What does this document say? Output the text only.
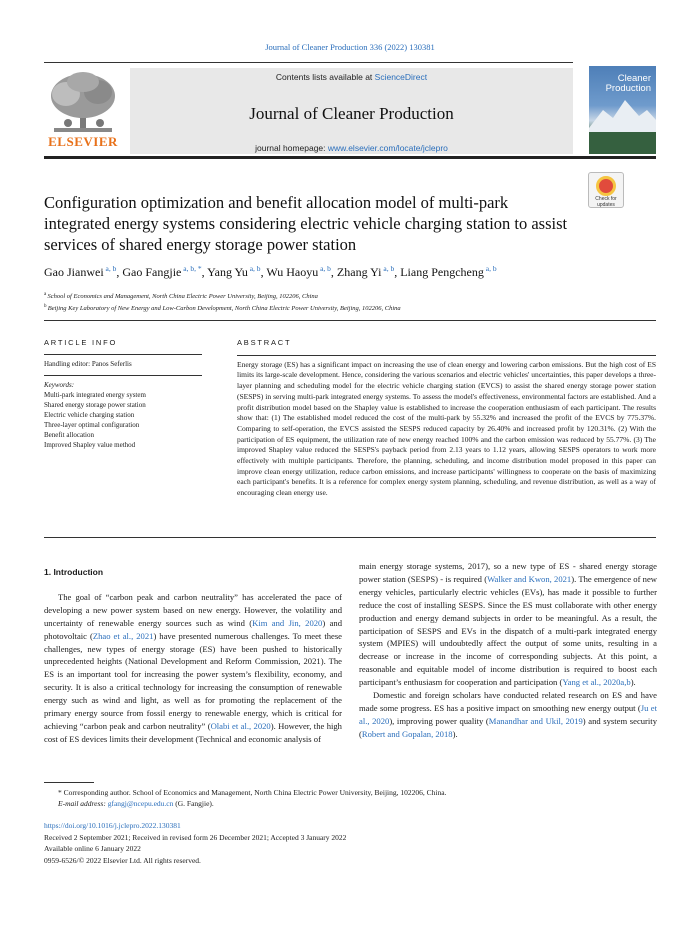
Journal of Cleaner Production 336 (2022) 130381
ELSEVIER
Contents lists available at ScienceDirect
Journal of Cleaner Production
journal homepage: www.elsevier.com/locate/jclepro
Cleaner
Production
Check for
updates
Configuration optimization and benefit allocation model of multi-park integrated energy systems considering electric vehicle charging station to assist services of shared energy storage power station
Gao Jianwei $^{a, b}$, Gao Fangjie $^{a, b, *}$, Yang Yu $^{a, b}$, Wu Haoyu $^{a, b}$, Zhang Yi $^{a, b}$, Liang Pengcheng $^{a, b}$
$^a$ School of Economics and Management, North China Electric Power University, Beijing, 102206, China
$^b$ Beijing Key Laboratory of New Energy and Low-Carbon Development, North China Electric Power University, Beijing, 102206, China
ARTICLE INFO
Handling editor: Panos Seferlis
Keywords:
Multi-park integrated energy system
Shared energy storage power station
Electric vehicle charging station
Three-layer optimal configuration
Benefit allocation
Improved Shapley value method
ABSTRACT
Energy storage (ES) has a significant impact on increasing the use of clean energy and lowering carbon emissions. But the high cost of ES limits its large-scale development. Hence, considering the various scenarios and electric vehicles' uncertainties, this paper develops a three-layer planning and scheduling model for the electric vehicle charging station (EVCS) to assist the shared energy storage power station (SESPS) in serving multi-park integrated energy systems. To assess the model's effectiveness, environmental factors are established. And a profit distribution model based on the Shapley value is established to increase the cooperation enthusiasm of each participant. The results show that: (1) The established model reduced the cost of the multi-park by 55.32% and increased the profit of the EVCS by 775.37%. Comparing to self-operation, the EVCS assisted the SESPS reduced capacity by 26.40% and increased profit by 120.31%. (2) With the participation of ES equipment, the utilization rate of new energy reached 100% and the carbon emission was reduced by 55.77%. (3) The improved Shapley value reduced the SESPS's payback period from 2.13 years to 1.12 years, allowing SESPS operators to work more effectively with multiple participants. Therefore, the planning, scheduling, and income distribution model proposed in this paper can improve clean energy utilization, reduce carbon emissions, and increase participants' willingness to cooperate on the basis of maximizing each participant's benefits. It is a reference for complex energy system planning, scheduling, and revenue distribution, as well as a way of encouraging clean energy use.
1. Introduction

The goal of “carbon peak and carbon neutrality” has accelerated the pace of developing a new power system based on new energy. However, the volatility and uncertainty of renewable energy sources such as wind (Kim and Jin, 2020) and photovoltaic (Zhao et al., 2021) have presented numerous challenges. To meet these challenges, new types of energy storage (ES) have been pushed to historically unprecedented heights (National Development and Reform Commission, 2021). The ES is an important tool for increasing the power system’s flexibility, economy, and security. It is also a critical technology for increasing the consumption of renewable energy such as wind and light, as well as for promoting the replacement of the primary energy source from fossil energy to renewable energy, which is critical for achieving “carbon peak and carbon neutrality” (Olabi et al., 2020). However, the high cost of ES devices limits their development (Technical and economic analysis of

main energy storage systems, 2017), so a new type of ES - shared energy storage power station (SESPS) - is required (Walker and Kwon, 2021). The emergence of new energy vehicles, particularly electric vehicles (EVs), has made it possible to further reduce the cost of installing SESPS. Since the ES must collaborate with other energy production and energy demand subjects in order to be meaningful. As a result, the participation of SESPS and EVs in the dispatch of a multi-park integrated energy system (MPIES) will undoubtedly affect the output of some units, resulting in a decrease or increase in the income of corresponding subjects. At this point, a reasonable and equitable model of income distribution is required to boost each participant’s enthusiasm for cooperation and participation (Yang et al., 2020a,b).

Domestic and foreign scholars have conducted related research on ES and have made some progress. ES has a positive impact on smoothing new energy output (Ju et al., 2020), improving power quality (Manandhar and Ukil, 2019) and system security (Robert and Gopalan, 2018).

* Corresponding author. School of Economics and Management, North China Electric Power University, Beijing, 102206, China.
E-mail address: gfangj@ncepu.edu.cn (G. Fangjie).
https://doi.org/10.1016/j.jclepro.2022.130381
Received 2 September 2021; Received in revised form 26 December 2021; Accepted 3 January 2022
Available online 6 January 2022
0959-6526/© 2022 Elsevier Ltd. All rights reserved.
